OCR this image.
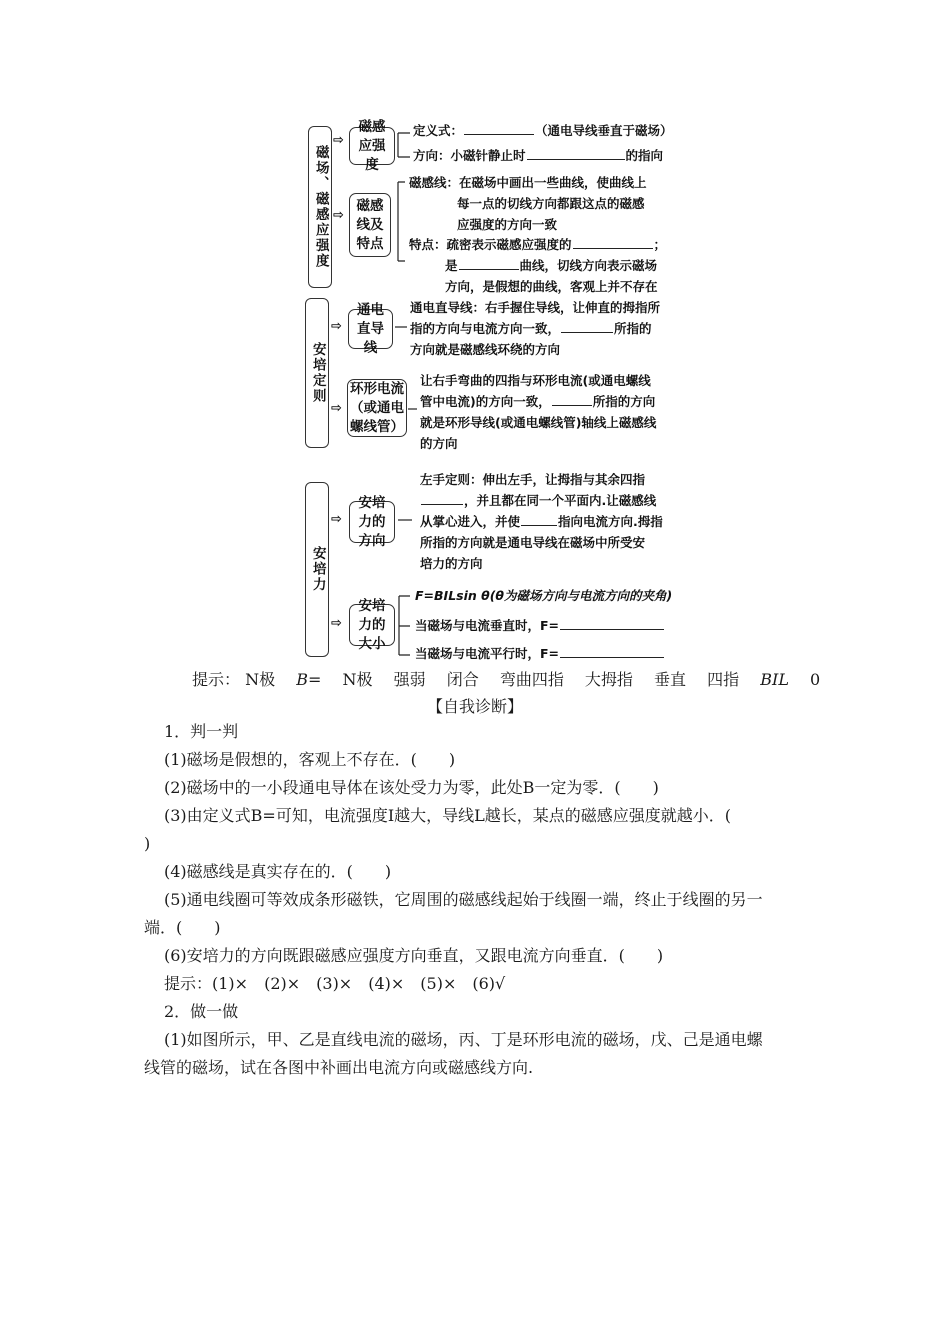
磁场、磁感应强度
⇨
磁感应强度
⇨
磁感线及特点
定义式：	（通电导线垂直于磁场）
方向：小磁针静止时	的指向
磁感线：在磁场中画出一些曲线，使曲线上
每一点的切线方向都跟这点的磁感
应强度的方向一致
特点：疏密表示磁感应强度的	；
是	曲线，切线方向表示磁场
方向，是假想的曲线，客观上并不存在
安培定则
⇨
通电直导线
⇨
环形电流（或通电螺线管）
通电直导线：右手握住导线，让伸直的拇指所
指的方向与电流方向一致，	所指的
方向就是磁感线环绕的方向
让右手弯曲的四指与环形电流(或通电螺线
管中电流)的方向一致，	所指的方向
就是环形导线(或通电螺线管)轴线上磁感线
的方向
安培力
⇨
安培力的方向
⇨
安培力的大小
左手定则：伸出左手，让拇指与其余四指
，并且都在同一个平面内.让磁感线
从掌心进入，并使	指向电流方向.拇指
所指的方向就是通电导线在磁场中所受安
培力的方向
F=BILsin θ(θ为磁场方向与电流方向的夹角)
当磁场与电流垂直时，F=
当磁场与电流平行时，F=
提示： N极 B= N极 强弱 闭合 弯曲四指 大拇指 垂直 四指 BIL 0
【自我诊断】
1．判一判
(1)磁场是假想的，客观上不存在．(　　)
(2)磁场中的一小段通电导体在该处受力为零，此处B一定为零．(　　)
(3)由定义式B=可知，电流强度I越大，导线L越长，某点的磁感应强度就越小．(
)
(4)磁感线是真实存在的．(　　)
(5)通电线圈可等效成条形磁铁，它周围的磁感线起始于线圈一端，终止于线圈的另一
端．(　　)
(6)安培力的方向既跟磁感应强度方向垂直，又跟电流方向垂直．(　　)
提示：(1)×　(2)×　(3)×　(4)×　(5)×　(6)√
2．做一做
(1)如图所示，甲、乙是直线电流的磁场，丙、丁是环形电流的磁场，戊、己是通电螺
线管的磁场，试在各图中补画出电流方向或磁感线方向.
